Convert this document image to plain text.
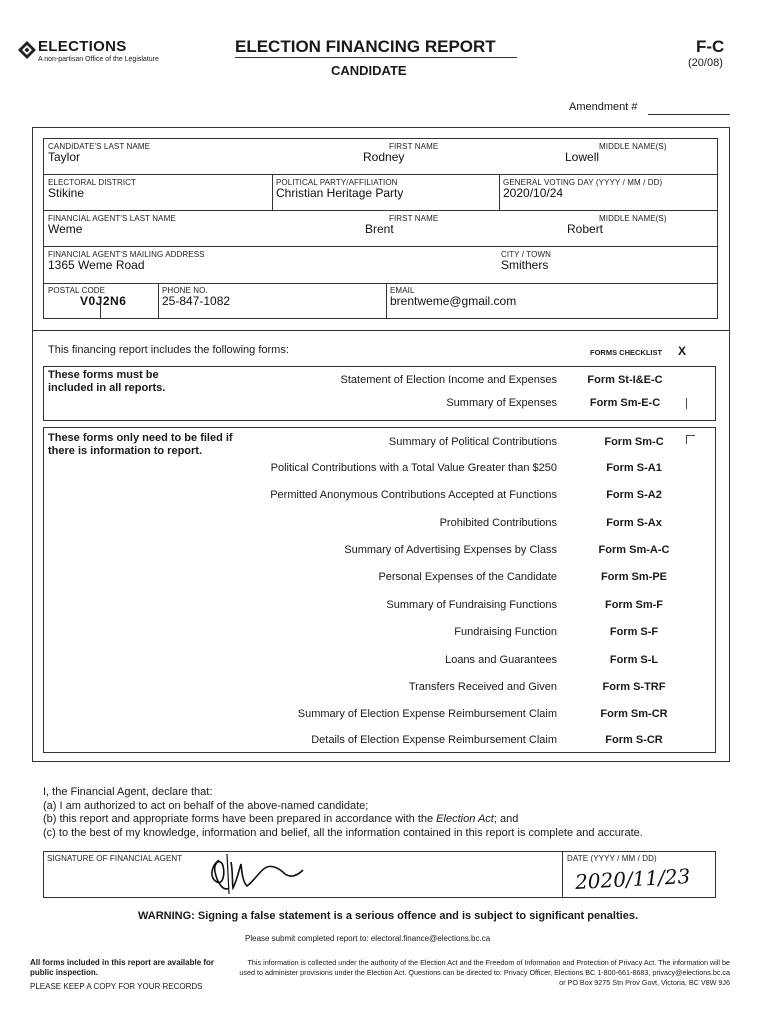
ELECTIONS
A non-partisan Office of the Legislature
ELECTION FINANCING REPORT
CANDIDATE
F-C
(20/08)
Amendment #
CANDIDATE'S LAST NAME
Taylor
FIRST NAME
Rodney
MIDDLE NAME(S)
Lowell
ELECTORAL DISTRICT
Stikine
POLITICAL PARTY/AFFILIATION
Christian Heritage Party
GENERAL VOTING DAY (YYYY / MM / DD)
2020/10/24
FINANCIAL AGENT'S LAST NAME
Weme
FIRST NAME
Brent
MIDDLE NAME(S)
Robert
FINANCIAL AGENT'S MAILING ADDRESS
1365 Weme Road
CITY / TOWN
Smithers
POSTAL CODE
V0J2N6
PHONE NO.
25-847-1082
EMAIL
brentweme@gmail.com
This financing report includes the following forms:	FORMS CHECKLIST X
These forms must be included in all reports.
Statement of Election Income and Expenses	Form St-I&E-C
Summary of Expenses	Form Sm-E-C
These forms only need to be filed if there is information to report.
Summary of Political Contributions	Form Sm-C
Political Contributions with a Total Value Greater than $250	Form S-A1
Permitted Anonymous Contributions Accepted at Functions	Form S-A2
Prohibited Contributions	Form S-Ax
Summary of Advertising Expenses by Class	Form Sm-A-C
Personal Expenses of the Candidate	Form Sm-PE
Summary of Fundraising Functions	Form Sm-F
Fundraising Function	Form S-F
Loans and Guarantees	Form S-L
Transfers Received and Given	Form S-TRF
Summary of Election Expense Reimbursement Claim	Form Sm-CR
Details of Election Expense Reimbursement Claim	Form S-CR
I, the Financial Agent, declare that:
(a) I am authorized to act on behalf of the above-named candidate;
(b) this report and appropriate forms have been prepared in accordance with the Election Act; and
(c) to the best of my knowledge, information and belief, all the information contained in this report is complete and accurate.
SIGNATURE OF FINANCIAL AGENT	DATE (YYYY / MM / DD)
2020/11/23
WARNING: Signing a false statement is a serious offence and is subject to significant penalties.
Please submit completed report to: electoral.finance@elections.bc.ca
All forms included in this report are available for public inspection.
PLEASE KEEP A COPY FOR YOUR RECORDS
This information is collected under the authority of the Election Act and the Freedom of Information and Protection of Privacy Act. The information will be used to administer provisions under the Election Act. Questions can be directed to: Privacy Officer, Elections BC 1-800-661-8683, privacy@elections.bc.ca or PO Box 9275 Stn Prov Govt, Victoria, BC V8W 9J6
